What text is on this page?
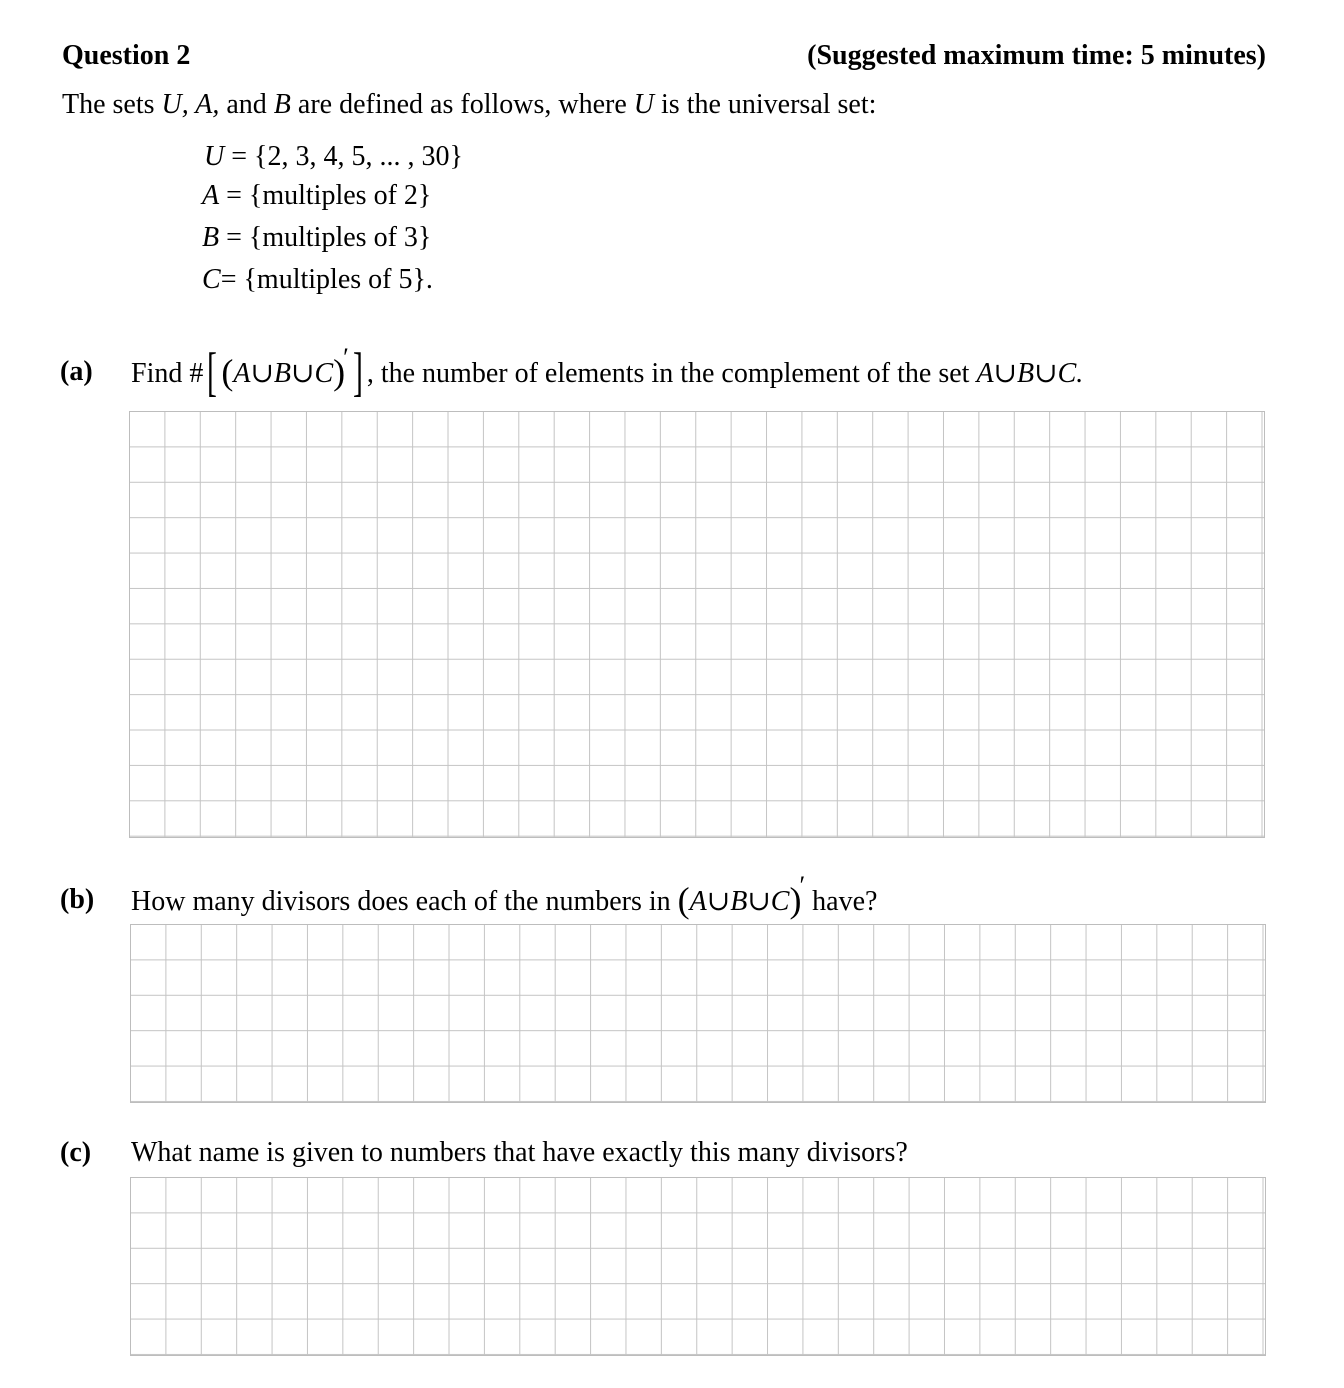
Question 2	(Suggested maximum time: 5 minutes)
The sets U, A, and B are defined as follows, where U is the universal set:
U = {2, 3, 4, 5, ... , 30}
A = {multiples of 2}
B = {multiples of 3}
C= {multiples of 5}.
(a) Find #[ (A∪B∪C)′] , the number of elements in the complement of the set A∪B∪C.
(b) How many divisors does each of the numbers in (A∪B∪C)′ have?
(c) What name is given to numbers that have exactly this many divisors?
